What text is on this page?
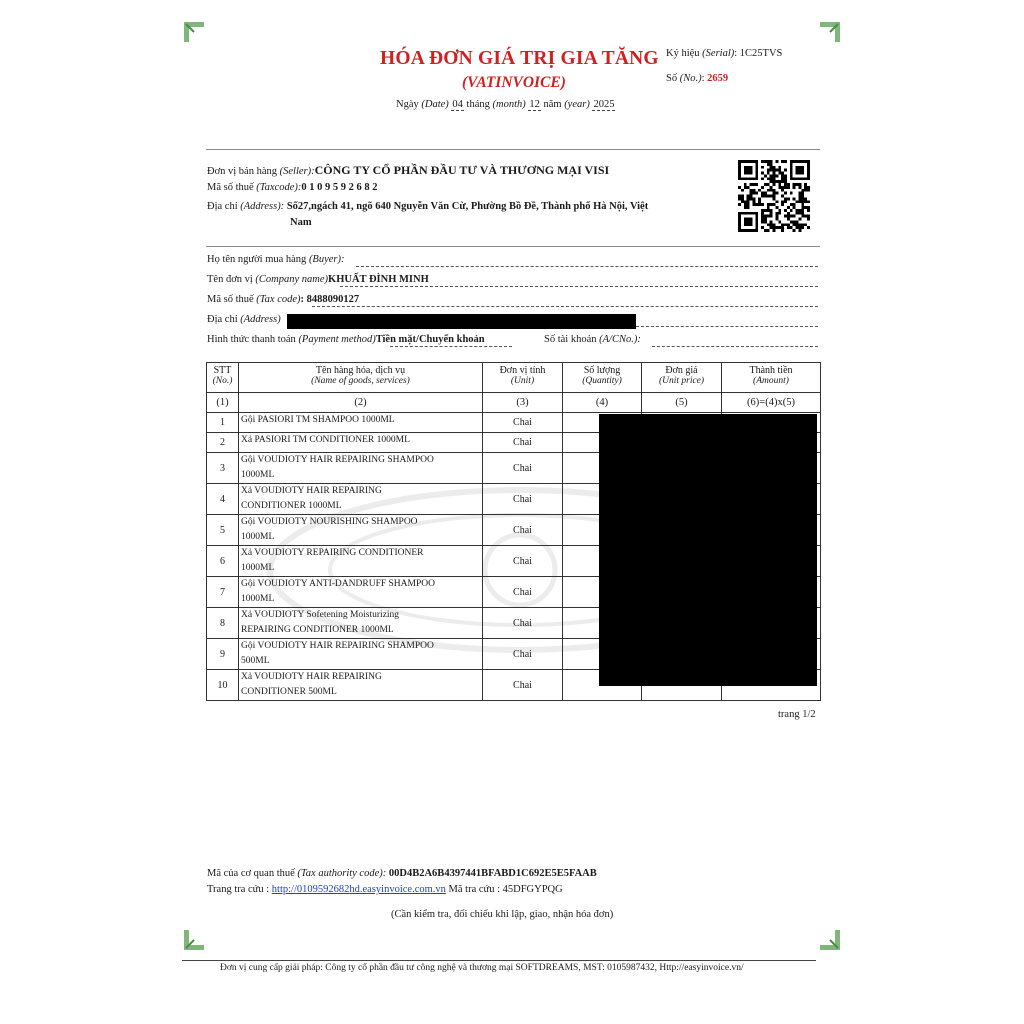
HÓA ĐƠN GIÁ TRỊ GIA TĂNG
(VATINVOICE)
Ngày (Date) 04 tháng (month) 12 năm (year) 2025
Ký hiệu (Serial): 1C25TVS
Số (No.): 2659
Đơn vị bán hàng (Seller):CÔNG TY CỔ PHẦN ĐẦU TƯ VÀ THƯƠNG MẠI VISI
Mã số thuế (Taxcode):0 1 0 9 5 9 2 6 8 2
Địa chỉ (Address): Số27,ngách 41, ngõ 640 Nguyễn Văn Cừ, Phường Bồ Đề, Thành phố Hà Nội, Việt
Nam
Họ tên người mua hàng (Buyer):
Tên đơn vị (Company name)KHUẤT ĐÌNH MINH
Mã số thuế (Tax code): 8488090127
Địa chỉ (Address)
Hình thức thanh toán (Payment method)Tiền mặt/Chuyển khoản	Số tài khoản (A/CNo.):
STT
(No.)	Tên hàng hóa, dịch vụ
(Name of goods, services)	Đơn vị tính
(Unit)	Số lượng
(Quantity)	Đơn giá
(Unit price)	Thành tiền
(Amount)

(1)	(2)	(3)	(4)	(5)	(6)=(4)x(5)
1	Gội PASIORI TM SHAMPOO 1000ML	Chai			
2	Xả PASIORI TM CONDITIONER 1000ML	Chai			
3	Gội VOUDIOTY HAIR REPAIRING SHAMPOO
1000ML	Chai			
4	Xả VOUDIOTY HAIR REPAIRING
CONDITIONER 1000ML	Chai			
5	Gội VOUDIOTY NOURISHING SHAMPOO
1000ML	Chai			
6	Xả VOUDIOTY REPAIRING CONDITIONER
1000ML	Chai			
7	Gội VOUDIOTY ANTI-DANDRUFF SHAMPOO
1000ML	Chai			
8	Xả VOUDIOTY Sofetening Moisturizing
REPAIRING CONDITIONER 1000ML	Chai			
9	Gội VOUDIOTY HAIR REPAIRING SHAMPOO
500ML	Chai			
10	Xả VOUDIOTY HAIR REPAIRING
CONDITIONER 500ML	Chai			
trang 1/2
Mã của cơ quan thuế (Tax authority code): 00D4B2A6B4397441BFABD1C692E5E5FAAB
Trang tra cứu : http://0109592682hd.easyinvoice.com.vn Mã tra cứu : 45DFGYPQG
(Cần kiểm tra, đối chiếu khi lập, giao, nhận hóa đơn)
Đơn vị cung cấp giải pháp: Công ty cổ phần đầu tư công nghệ và thương mại SOFTDREAMS, MST: 0105987432, Http://easyinvoice.vn/
